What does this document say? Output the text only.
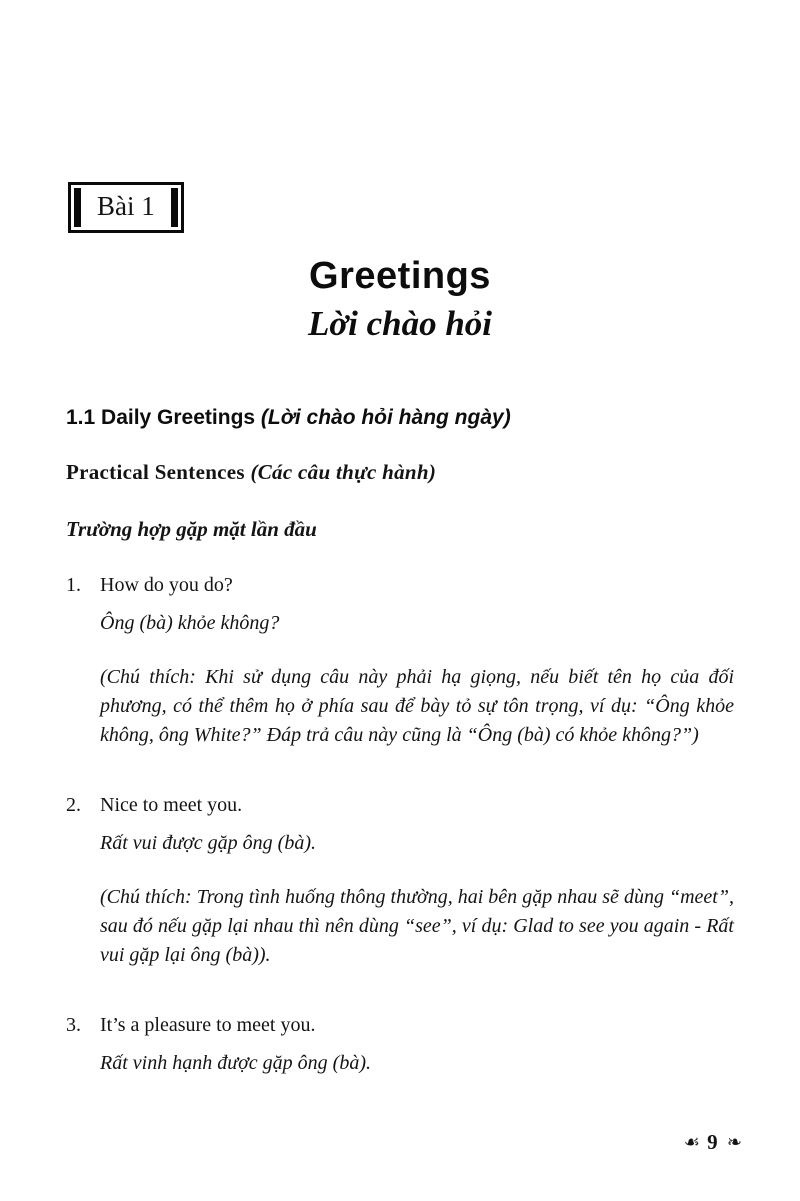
Bài 1
Greetings
Lời chào hỏi
1.1 Daily Greetings (Lời chào hỏi hàng ngày)
Practical Sentences (Các câu thực hành)
Trường hợp gặp mặt lần đầu
1. How do you do?
Ông (bà) khỏe không?
(Chú thích: Khi sử dụng câu này phải hạ giọng, nếu biết tên họ của đối phương, có thể thêm họ ở phía sau để bày tỏ sự tôn trọng, ví dụ: “Ông khỏe không, ông White?” Đáp trả câu này cũng là “Ông (bà) có khỏe không?”)
2. Nice to meet you.
Rất vui được gặp ông (bà).
(Chú thích: Trong tình huống thông thường, hai bên gặp nhau sẽ dùng “meet”, sau đó nếu gặp lại nhau thì nên dùng “see”, ví dụ: Glad to see you again - Rất vui gặp lại ông (bà)).
3. It’s a pleasure to meet you.
Rất vinh hạnh được gặp ông (bà).
☙ 9 ❧
